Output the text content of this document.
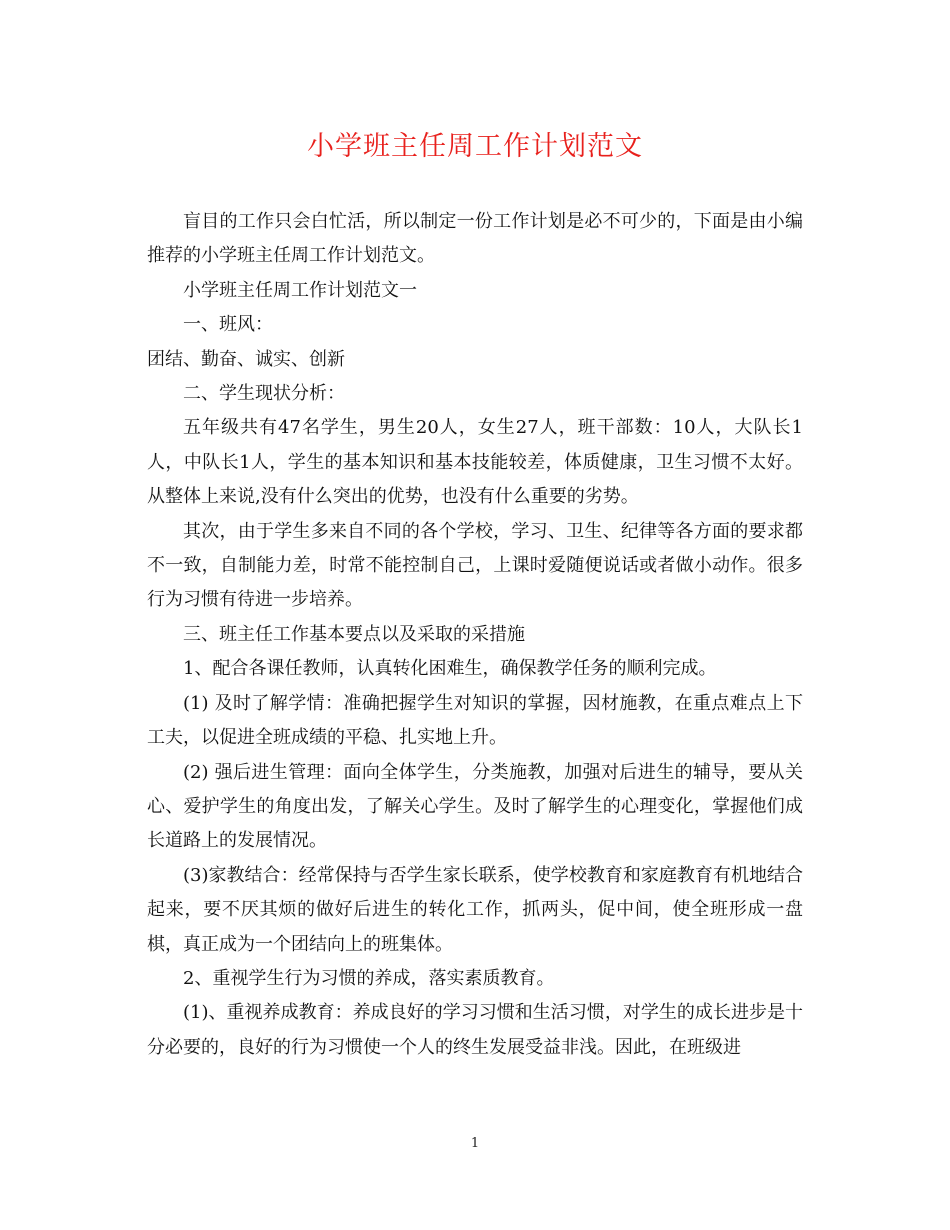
小学班主任周工作计划范文

盲目的工作只会白忙活，所以制定一份工作计划是必不可少的，下面是由小编推荐的小学班主任周工作计划范文。

小学班主任周工作计划范文一

一、班风：

团结、勤奋、诚实、创新

二、学生现状分析：

五年级共有47名学生，男生20人，女生27人，班干部数：10人，大队长1人，中队长1人，学生的基本知识和基本技能较差，体质健康，卫生习惯不太好。从整体上来说,没有什么突出的优势，也没有什么重要的劣势。

其次，由于学生多来自不同的各个学校，学习、卫生、纪律等各方面的要求都不一致，自制能力差，时常不能控制自己，上课时爱随便说话或者做小动作。很多行为习惯有待进一步培养。

三、班主任工作基本要点以及采取的采措施

1、配合各课任教师，认真转化困难生，确保教学任务的顺利完成。

(1) 及时了解学情：准确把握学生对知识的掌握，因材施教，在重点难点上下工夫，以促进全班成绩的平稳、扎实地上升。

(2) 强后进生管理：面向全体学生，分类施教，加强对后进生的辅导，要从关心、爱护学生的角度出发，了解关心学生。及时了解学生的心理变化，掌握他们成长道路上的发展情况。

(3)家教结合：经常保持与否学生家长联系，使学校教育和家庭教育有机地结合起来，要不厌其烦的做好后进生的转化工作，抓两头，促中间，使全班形成一盘棋，真正成为一个团结向上的班集体。

2、重视学生行为习惯的养成，落实素质教育。

(1)、重视养成教育：养成良好的学习习惯和生活习惯，对学生的成长进步是十分必要的，良好的行为习惯使一个人的终生发展受益非浅。因此，在班级进

1
